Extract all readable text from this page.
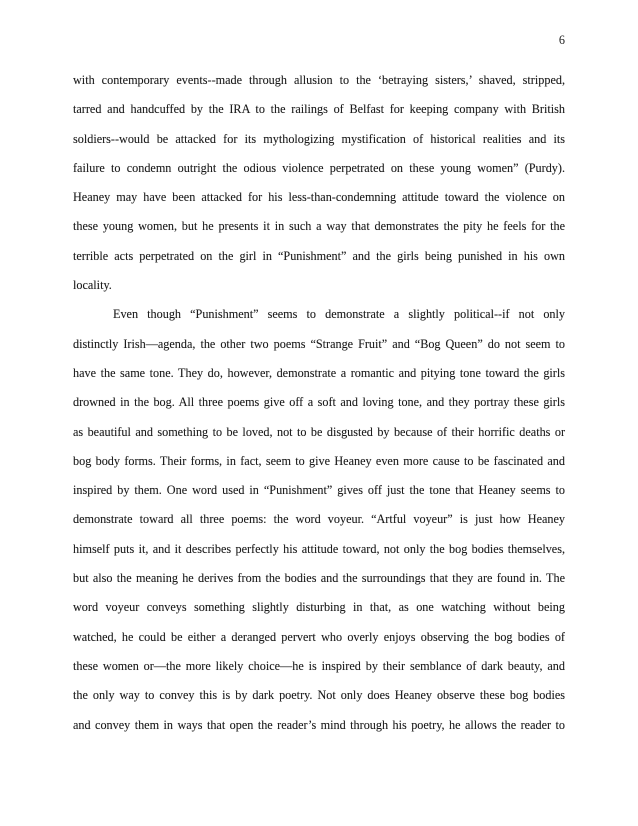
6
with contemporary events--made through allusion to the ‘betraying sisters,’ shaved, stripped,
tarred and handcuffed by the IRA to the railings of Belfast for keeping company with British
soldiers--would be attacked for its mythologizing mystification of historical realities and its
failure to condemn outright the odious violence perpetrated on these young women” (Purdy).
Heaney may have been attacked for his less-than-condemning attitude toward the violence on
these young women, but he presents it in such a way that demonstrates the pity he feels for the
terrible acts perpetrated on the girl in “Punishment” and the girls being punished in his own
locality.
Even though “Punishment” seems to demonstrate a slightly political--if not only
distinctly Irish—agenda, the other two poems “Strange Fruit” and “Bog Queen” do not seem to
have the same tone. They do, however, demonstrate a romantic and pitying tone toward the girls
drowned in the bog. All three poems give off a soft and loving tone, and they portray these girls
as beautiful and something to be loved, not to be disgusted by because of their horrific deaths or
bog body forms. Their forms, in fact, seem to give Heaney even more cause to be fascinated and
inspired by them. One word used in “Punishment” gives off just the tone that Heaney seems to
demonstrate toward all three poems: the word voyeur. “Artful voyeur” is just how Heaney
himself puts it, and it describes perfectly his attitude toward, not only the bog bodies themselves,
but also the meaning he derives from the bodies and the surroundings that they are found in. The
word voyeur conveys something slightly disturbing in that, as one watching without being
watched, he could be either a deranged pervert who overly enjoys observing the bog bodies of
these women or—the more likely choice—he is inspired by their semblance of dark beauty, and
the only way to convey this is by dark poetry. Not only does Heaney observe these bog bodies
and convey them in ways that open the reader’s mind through his poetry, he allows the reader to
